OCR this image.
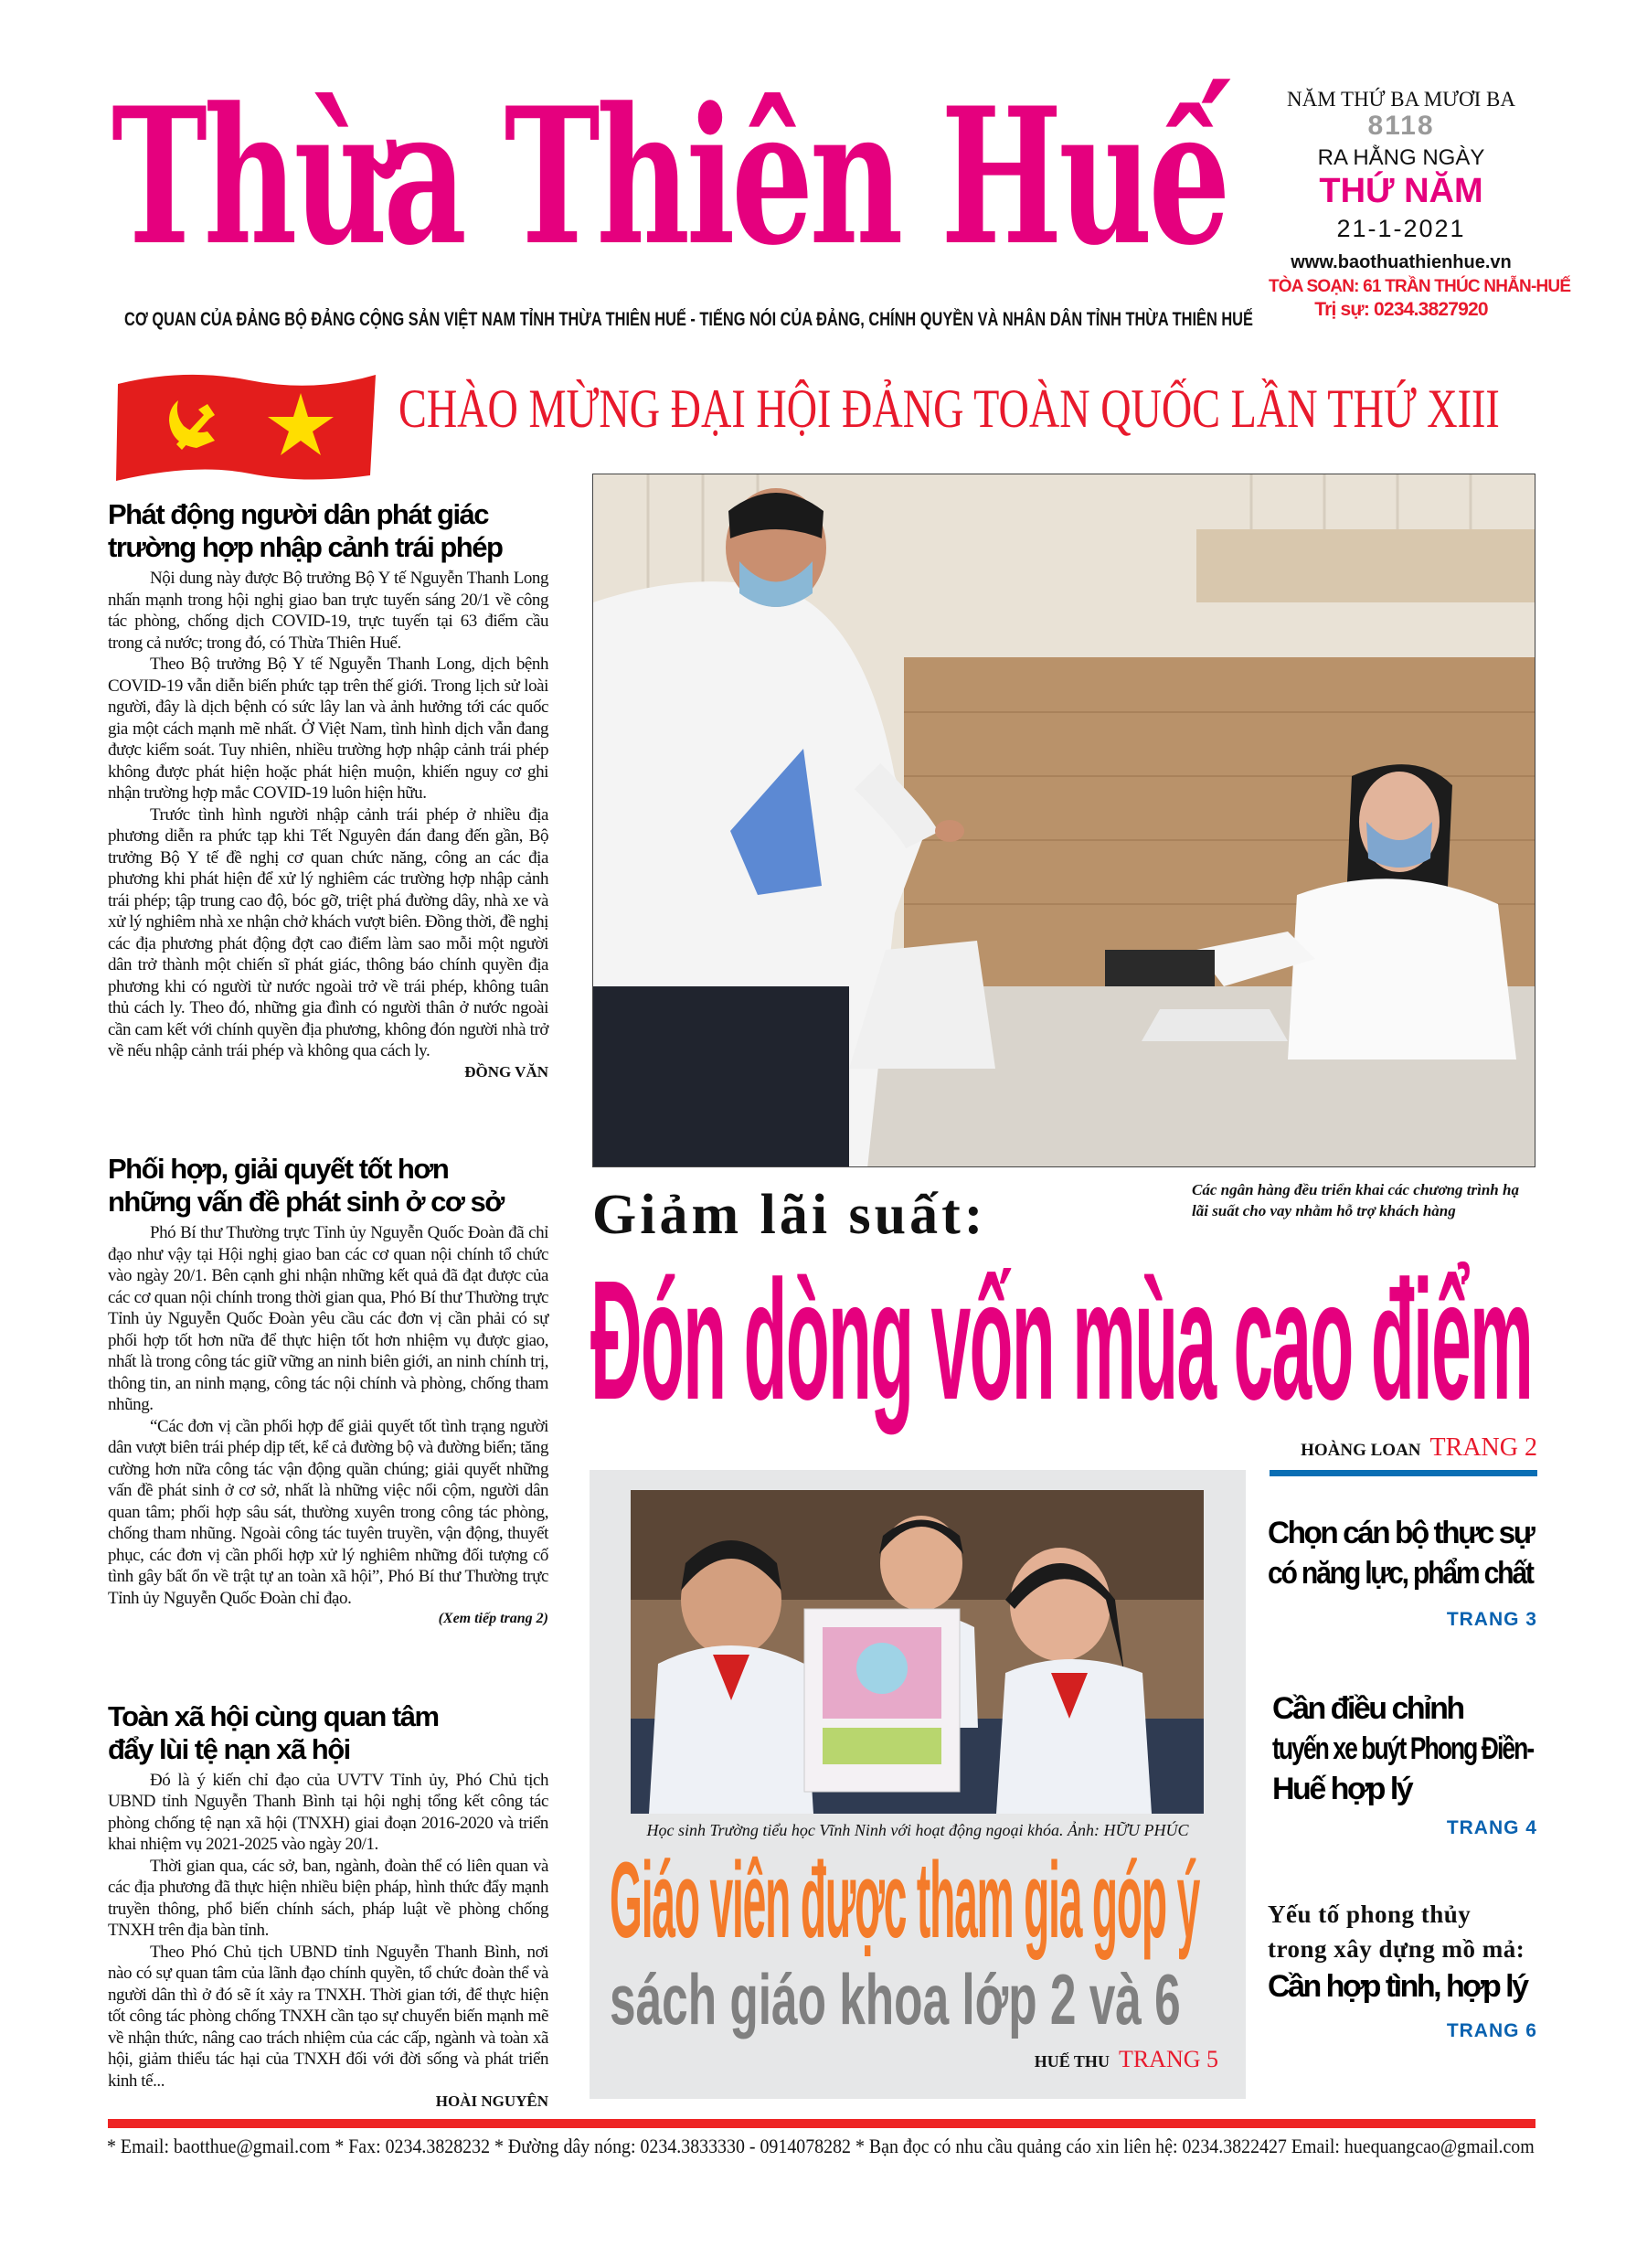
Thừa Thiên Huế
CƠ QUAN CỦA ĐẢNG BỘ ĐẢNG CỘNG SẢN VIỆT NAM TỈNH THỪA THIÊN HUẾ - TIẾNG NÓI CỦA ĐẢNG, CHÍNH QUYỀN VÀ NHÂN DÂN TỈNH THỪA THIÊN HUẾ
NĂM THỨ BA MƯƠI BA
8118
RA HẰNG NGÀY
THỨ NĂM
21-1-2021
www.baothuathienhue.vn
TÒA SOẠN: 61 TRẦN THÚC NHẪN-HUẾ
Trị sự: 0234.3827920
CHÀO MỪNG ĐẠI HỘI ĐẢNG TOÀN QUỐC LẦN THỨ XIII
Phát động người dân phát giác
trường hợp nhập cảnh trái phép

Nội dung này được Bộ trưởng Bộ Y tế Nguyễn Thanh Long nhấn mạnh trong hội nghị giao ban trực tuyến sáng 20/1 về công tác phòng, chống dịch COVID-19, trực tuyến tại 63 điểm cầu trong cả nước; trong đó, có Thừa Thiên Huế.

Theo Bộ trưởng Bộ Y tế Nguyễn Thanh Long, dịch bệnh COVID-19 vẫn diễn biến phức tạp trên thế giới. Trong lịch sử loài người, đây là dịch bệnh có sức lây lan và ảnh hưởng tới các quốc gia một cách mạnh mẽ nhất. Ở Việt Nam, tình hình dịch vẫn đang được kiểm soát. Tuy nhiên, nhiều trường hợp nhập cảnh trái phép không được phát hiện hoặc phát hiện muộn, khiến nguy cơ ghi nhận trường hợp mắc COVID-19 luôn hiện hữu.

Trước tình hình người nhập cảnh trái phép ở nhiều địa phương diễn ra phức tạp khi Tết Nguyên đán đang đến gần, Bộ trưởng Bộ Y tế đề nghị cơ quan chức năng, công an các địa phương khi phát hiện để xử lý nghiêm các trường hợp nhập cảnh trái phép; tập trung cao độ, bóc gỡ, triệt phá đường dây, nhà xe và xử lý nghiêm nhà xe nhận chở khách vượt biên. Đồng thời, đề nghị các địa phương phát động đợt cao điểm làm sao mỗi một người dân trở thành một chiến sĩ phát giác, thông báo chính quyền địa phương khi có người từ nước ngoài trở về trái phép, không tuân thủ cách ly. Theo đó, những gia đình có người thân ở nước ngoài cần cam kết với chính quyền địa phương, không đón người nhà trở về nếu nhập cảnh trái phép và không qua cách ly.

ĐỒNG VĂN
Phối hợp, giải quyết tốt hơn
những vấn đề phát sinh ở cơ sở

Phó Bí thư Thường trực Tỉnh ủy Nguyễn Quốc Đoàn đã chỉ đạo như vậy tại Hội nghị giao ban các cơ quan nội chính tổ chức vào ngày 20/1. Bên cạnh ghi nhận những kết quả đã đạt được của các cơ quan nội chính trong thời gian qua, Phó Bí thư Thường trực Tỉnh ủy Nguyễn Quốc Đoàn yêu cầu các đơn vị cần phải có sự phối hợp tốt hơn nữa để thực hiện tốt hơn nhiệm vụ được giao, nhất là trong công tác giữ vững an ninh biên giới, an ninh chính trị, thông tin, an ninh mạng, công tác nội chính và phòng, chống tham nhũng.

“Các đơn vị cần phối hợp để giải quyết tốt tình trạng người dân vượt biên trái phép dịp tết, kể cả đường bộ và đường biển; tăng cường hơn nữa công tác vận động quần chúng; giải quyết những vấn đề phát sinh ở cơ sở, nhất là những việc nổi cộm, người dân quan tâm; phối hợp sâu sát, thường xuyên trong công tác phòng, chống tham nhũng. Ngoài công tác tuyên truyền, vận động, thuyết phục, các đơn vị cần phối hợp xử lý nghiêm những đối tượng cố tình gây bất ổn về trật tự an toàn xã hội”, Phó Bí thư Thường trực Tỉnh ủy Nguyễn Quốc Đoàn chỉ đạo.

(Xem tiếp trang 2)
Toàn xã hội cùng quan tâm
đẩy lùi tệ nạn xã hội

Đó là ý kiến chỉ đạo của UVTV Tỉnh ủy, Phó Chủ tịch UBND tỉnh Nguyễn Thanh Bình tại hội nghị tổng kết công tác phòng chống tệ nạn xã hội (TNXH) giai đoạn 2016-2020 và triển khai nhiệm vụ 2021-2025 vào ngày 20/1.

Thời gian qua, các sở, ban, ngành, đoàn thể có liên quan và các địa phương đã thực hiện nhiều biện pháp, hình thức đẩy mạnh truyền thông, phổ biến chính sách, pháp luật về phòng chống TNXH trên địa bàn tỉnh.

Theo Phó Chủ tịch UBND tỉnh Nguyễn Thanh Bình, nơi nào có sự quan tâm của lãnh đạo chính quyền, tổ chức đoàn thể và người dân thì ở đó sẽ ít xảy ra TNXH. Thời gian tới, để thực hiện tốt công tác phòng chống TNXH cần tạo sự chuyển biến mạnh mẽ về nhận thức, nâng cao trách nhiệm của các cấp, ngành và toàn xã hội, giảm thiểu tác hại của TNXH đối với đời sống và phát triển kinh tế...

HOÀI NGUYÊN
Các ngân hàng đều triển khai các chương trình hạ lãi suất cho vay nhằm hỗ trợ khách hàng
Giảm lãi suất:
Đón dòng vốn mùa cao điểm
HOÀNG LOAN TRANG 2
Học sinh Trường tiểu học Vĩnh Ninh với hoạt động ngoại khóa. Ảnh: HỮU PHÚC
Giáo viên được tham gia góp ý
sách giáo khoa lớp 2 và 6
HUẾ THU TRANG 5
Chọn cán bộ thực sự
có năng lực, phẩm chất
TRANG 3
Cần điều chỉnh
tuyến xe buýt Phong Điền-
Huế hợp lý
TRANG 4
Yếu tố phong thủy
trong xây dựng mồ mả:
Cần hợp tình, hợp lý
TRANG 6
* Email: baotthue@gmail.com * Fax: 0234.3828232 * Đường dây nóng: 0234.3833330 - 0914078282 * Bạn đọc có nhu cầu quảng cáo xin liên hệ: 0234.3822427 Email: huequangcao@gmail.com
